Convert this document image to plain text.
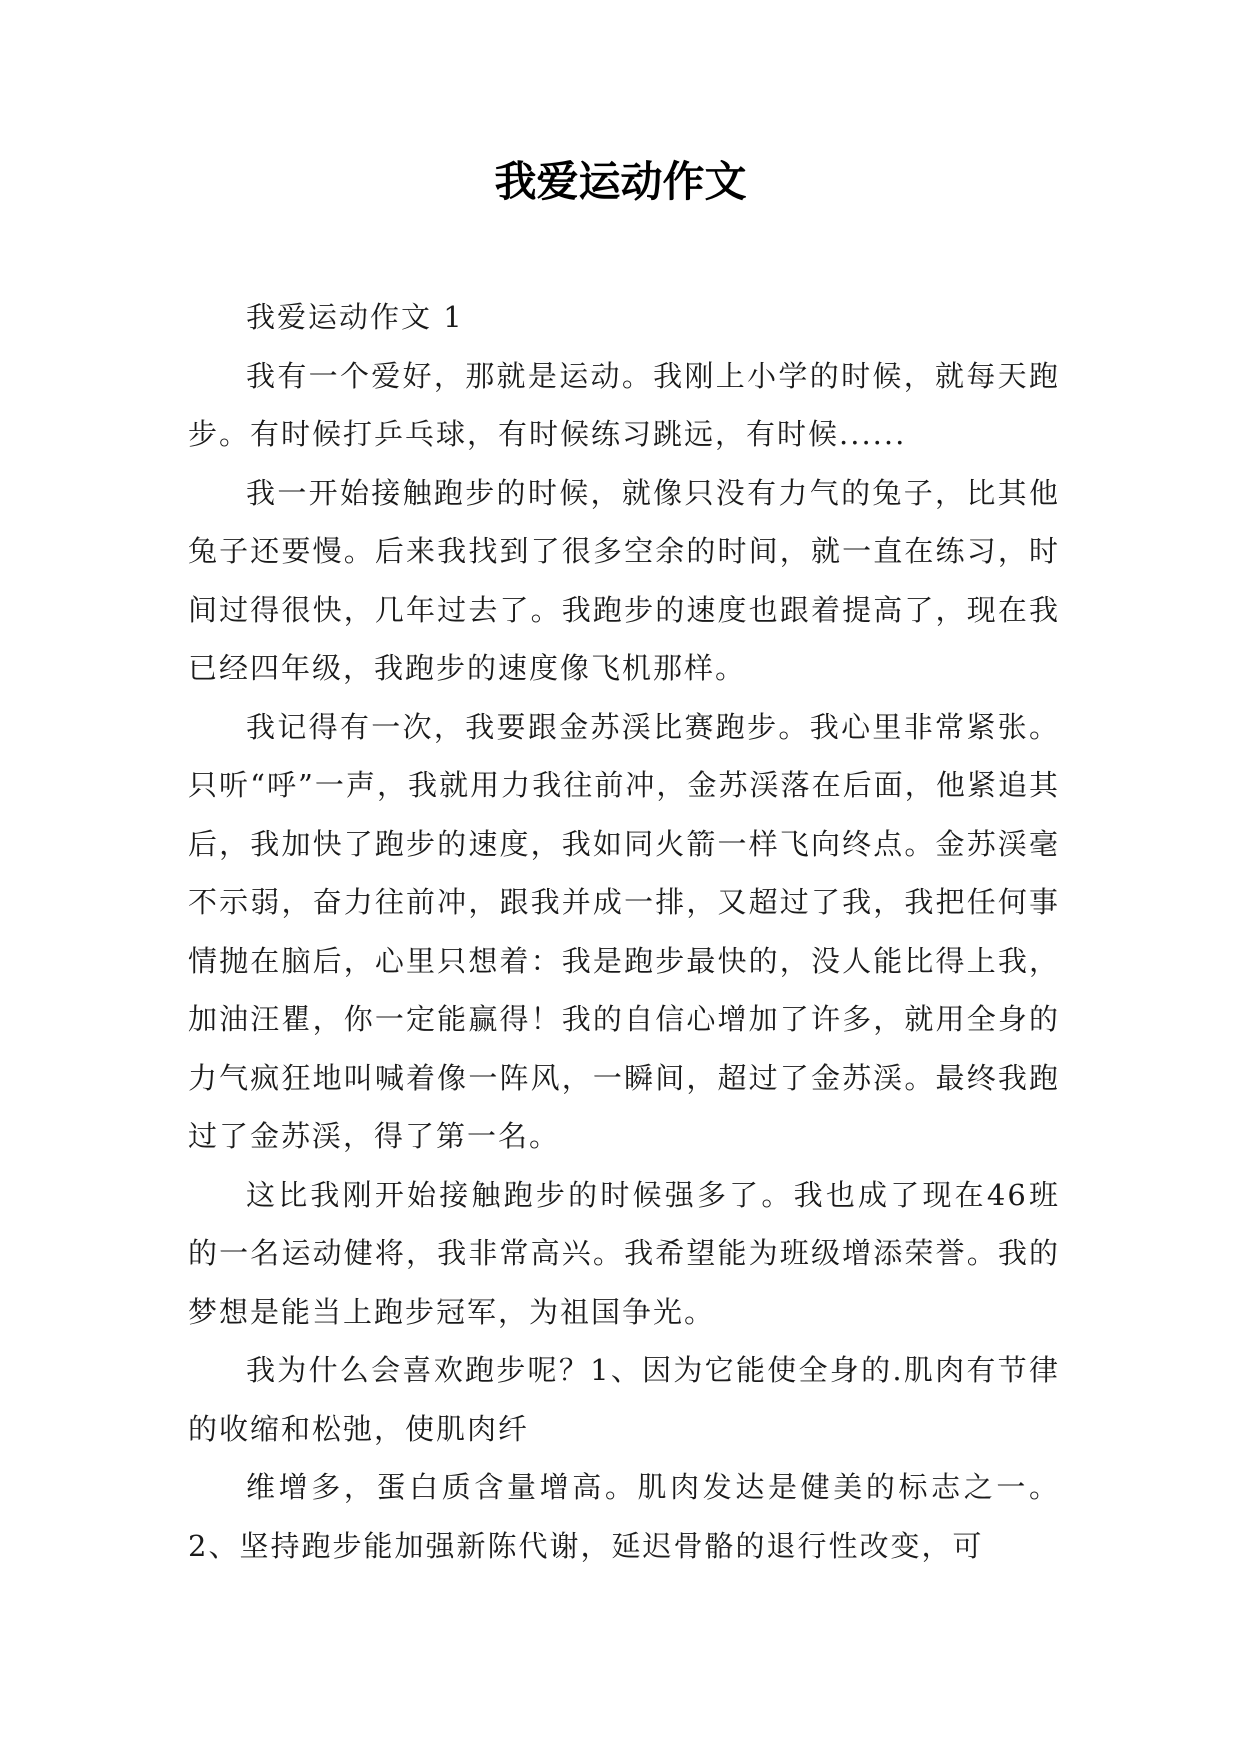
我爱运动作文

我爱运动作文 1

我有一个爱好，那就是运动。我刚上小学的时候，就每天跑步。有时候打乒乓球，有时候练习跳远，有时候......

我一开始接触跑步的时候，就像只没有力气的兔子，比其他兔子还要慢。后来我找到了很多空余的时间，就一直在练习，时间过得很快，几年过去了。我跑步的速度也跟着提高了，现在我已经四年级，我跑步的速度像飞机那样。

我记得有一次，我要跟金苏渓比赛跑步。我心里非常紧张。只听“呼”一声，我就用力我往前冲，金苏渓落在后面，他紧追其后，我加快了跑步的速度，我如同火箭一样飞向终点。金苏渓毫不示弱，奋力往前冲，跟我并成一排，又超过了我，我把任何事情抛在脑后，心里只想着：我是跑步最快的，没人能比得上我，加油汪瞿，你一定能赢得！我的自信心增加了许多，就用全身的力气疯狂地叫喊着像一阵风，一瞬间，超过了金苏渓。最终我跑过了金苏渓，得了第一名。

这比我刚开始接触跑步的时候强多了。我也成了现在46班的一名运动健将，我非常高兴。我希望能为班级增添荣誉。我的梦想是能当上跑步冠军，为祖国争光。

我为什么会喜欢跑步呢？1、因为它能使全身的.肌肉有节律的收缩和松弛，使肌肉纤

维增多，蛋白质含量增高。肌肉发达是健美的标志之一。2、坚持跑步能加强新陈代谢，延迟骨骼的退行性改变，可
